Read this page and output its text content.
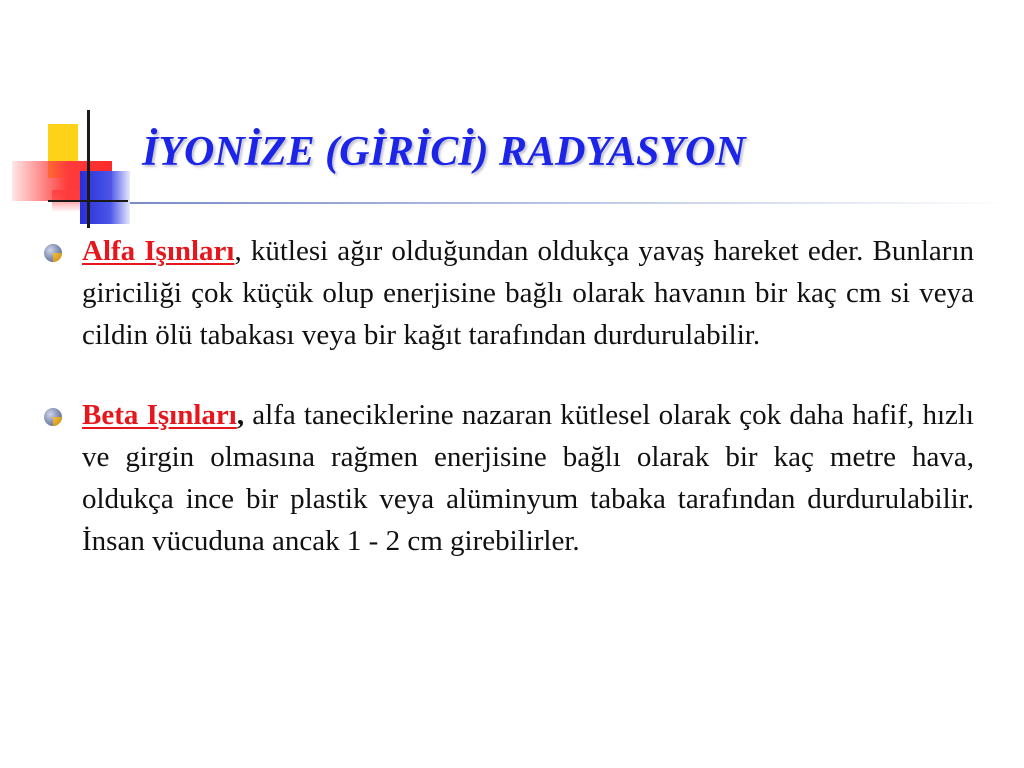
İYONİZE (GİRİCİ) RADYASYON

Alfa Işınları, kütlesi ağır olduğundan oldukça yavaş hareket eder. Bunların giriciliği çok küçük olup enerjisine bağlı olarak havanın bir kaç cm si veya cildin ölü tabakası veya bir kağıt tarafından durdurulabilir.

Beta Işınları, alfa taneciklerine nazaran kütlesel olarak çok daha hafif, hızlı ve girgin olmasına rağmen enerjisine bağlı olarak bir kaç metre hava, oldukça ince bir plastik veya alüminyum tabaka tarafından durdurulabilir. İnsan vücuduna ancak 1 - 2 cm girebilirler.
